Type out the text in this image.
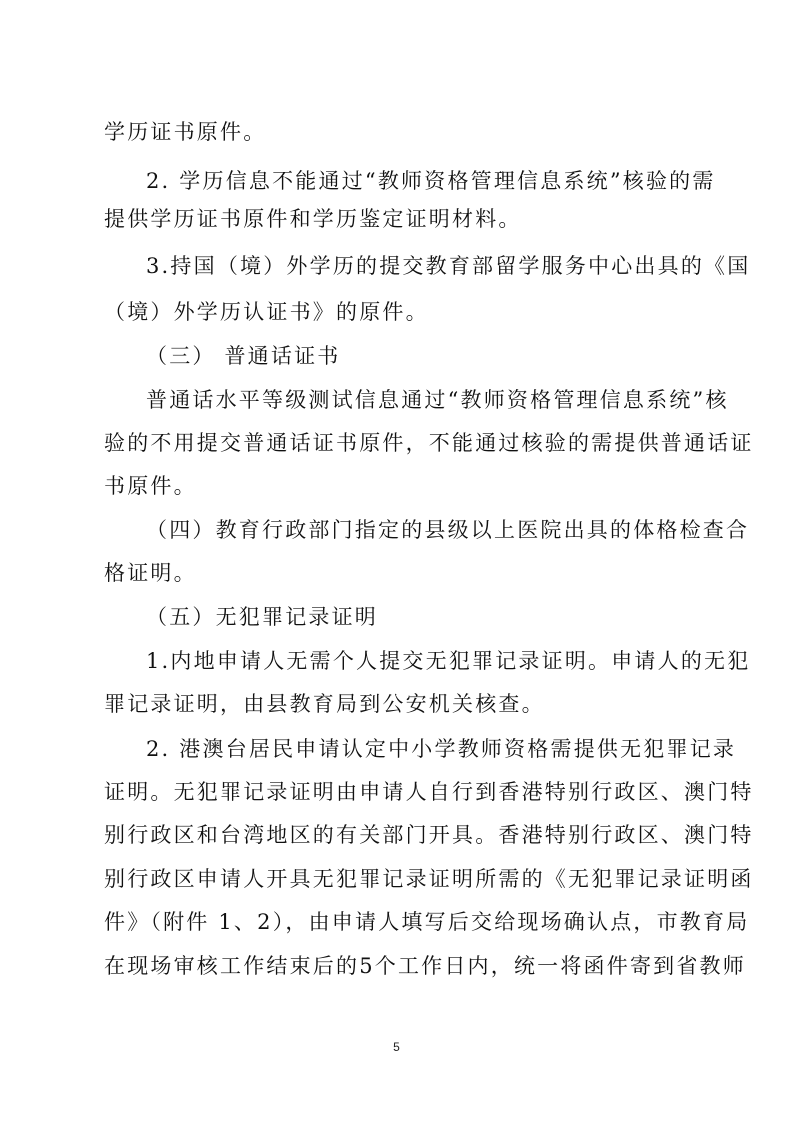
学历证书原件。
2. 学历信息不能通过“教师资格管理信息系统”核验的需
提供学历证书原件和学历鉴定证明材料。
3.持国（境）外学历的提交教育部留学服务中心出具的《国
（境）外学历认证书》的原件。
（三） 普通话证书
普通话水平等级测试信息通过“教师资格管理信息系统”核
验的不用提交普通话证书原件，不能通过核验的需提供普通话证
书原件。
（四）教育行政部门指定的县级以上医院出具的体格检查合
格证明。
（五）无犯罪记录证明
1.内地申请人无需个人提交无犯罪记录证明。申请人的无犯
罪记录证明，由县教育局到公安机关核查。
2. 港澳台居民申请认定中小学教师资格需提供无犯罪记录
证明。无犯罪记录证明由申请人自行到香港特别行政区、澳门特
别行政区和台湾地区的有关部门开具。香港特别行政区、澳门特
别行政区申请人开具无犯罪记录证明所需的《无犯罪记录证明函
件》（附件 1、2），由申请人填写后交给现场确认点，市教育局
在现场审核工作结束后的5个工作日内，统一将函件寄到省教师
5
